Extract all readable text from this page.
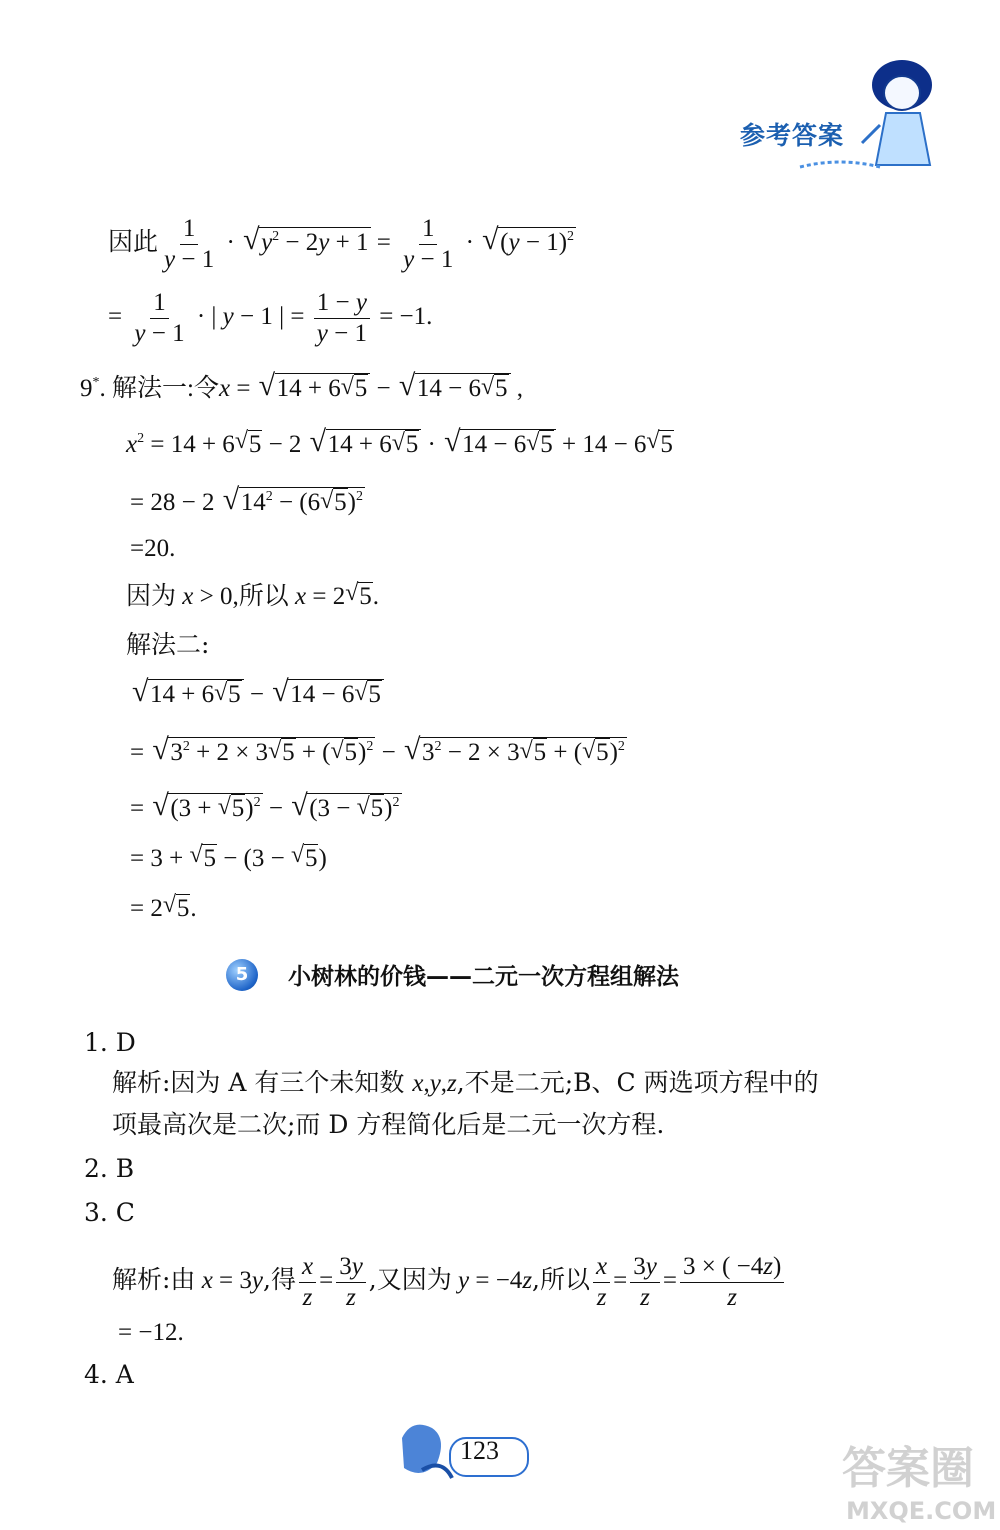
参考答案
因此 $\frac{1}{y - 1}$ · √ $y^2 - 2y + 1 = \frac{1}{y - 1}$ · √ $(y - 1)^2$
= $\frac{1}{y - 1}$ · | y − 1 | = $\frac{1 - y}{y - 1} = -1$.
9*. 解法一:令x = √ 14 + 6√ 5 − √ 14 − 6√ 5 ,
$x^2 = 14 + 6√$ 5 − 2 √ 14 + 6√ 5 · √ 14 − 6√ 5 + 14 − 6√ 5
= 28 − 2 √ $14^2 - (6√$ 5)$^2$
=20.
因为 x > 0,所以 x = 2√ 5.
解法二:
√ 14 + 6√ 5 − √ 14 − 6√ 5
= √ $3^2 + 2 \times 3√$ 5 + (√ 5)$^2$ − √ $3^2 - 2 \times 3√$ 5 + (√ 5)$^2$
= √ (3 + √ 5)$^2$ − √ (3 − √ 5)$^2$
= 3 + √ 5 − (3 − √ 5)
= 2√ 5.
5	小树林的价钱——二元一次方程组解法
1. D
解析:因为 A 有三个未知数 x,y,z,不是二元;B、C 两选项方程中的
项最高次是二次;而 D 方程简化后是二元一次方程.
2. B
3. C
解析:由 x = 3y,得 $\frac{x}{z} = \frac{3y}{z}$ ,又因为 y = −4z,所以 $\frac{x}{z} = \frac{3y}{z} = \frac{3 \times ( -4z)}{z}$
= −12.
4. A
123	答案圈
MXQE.COM
